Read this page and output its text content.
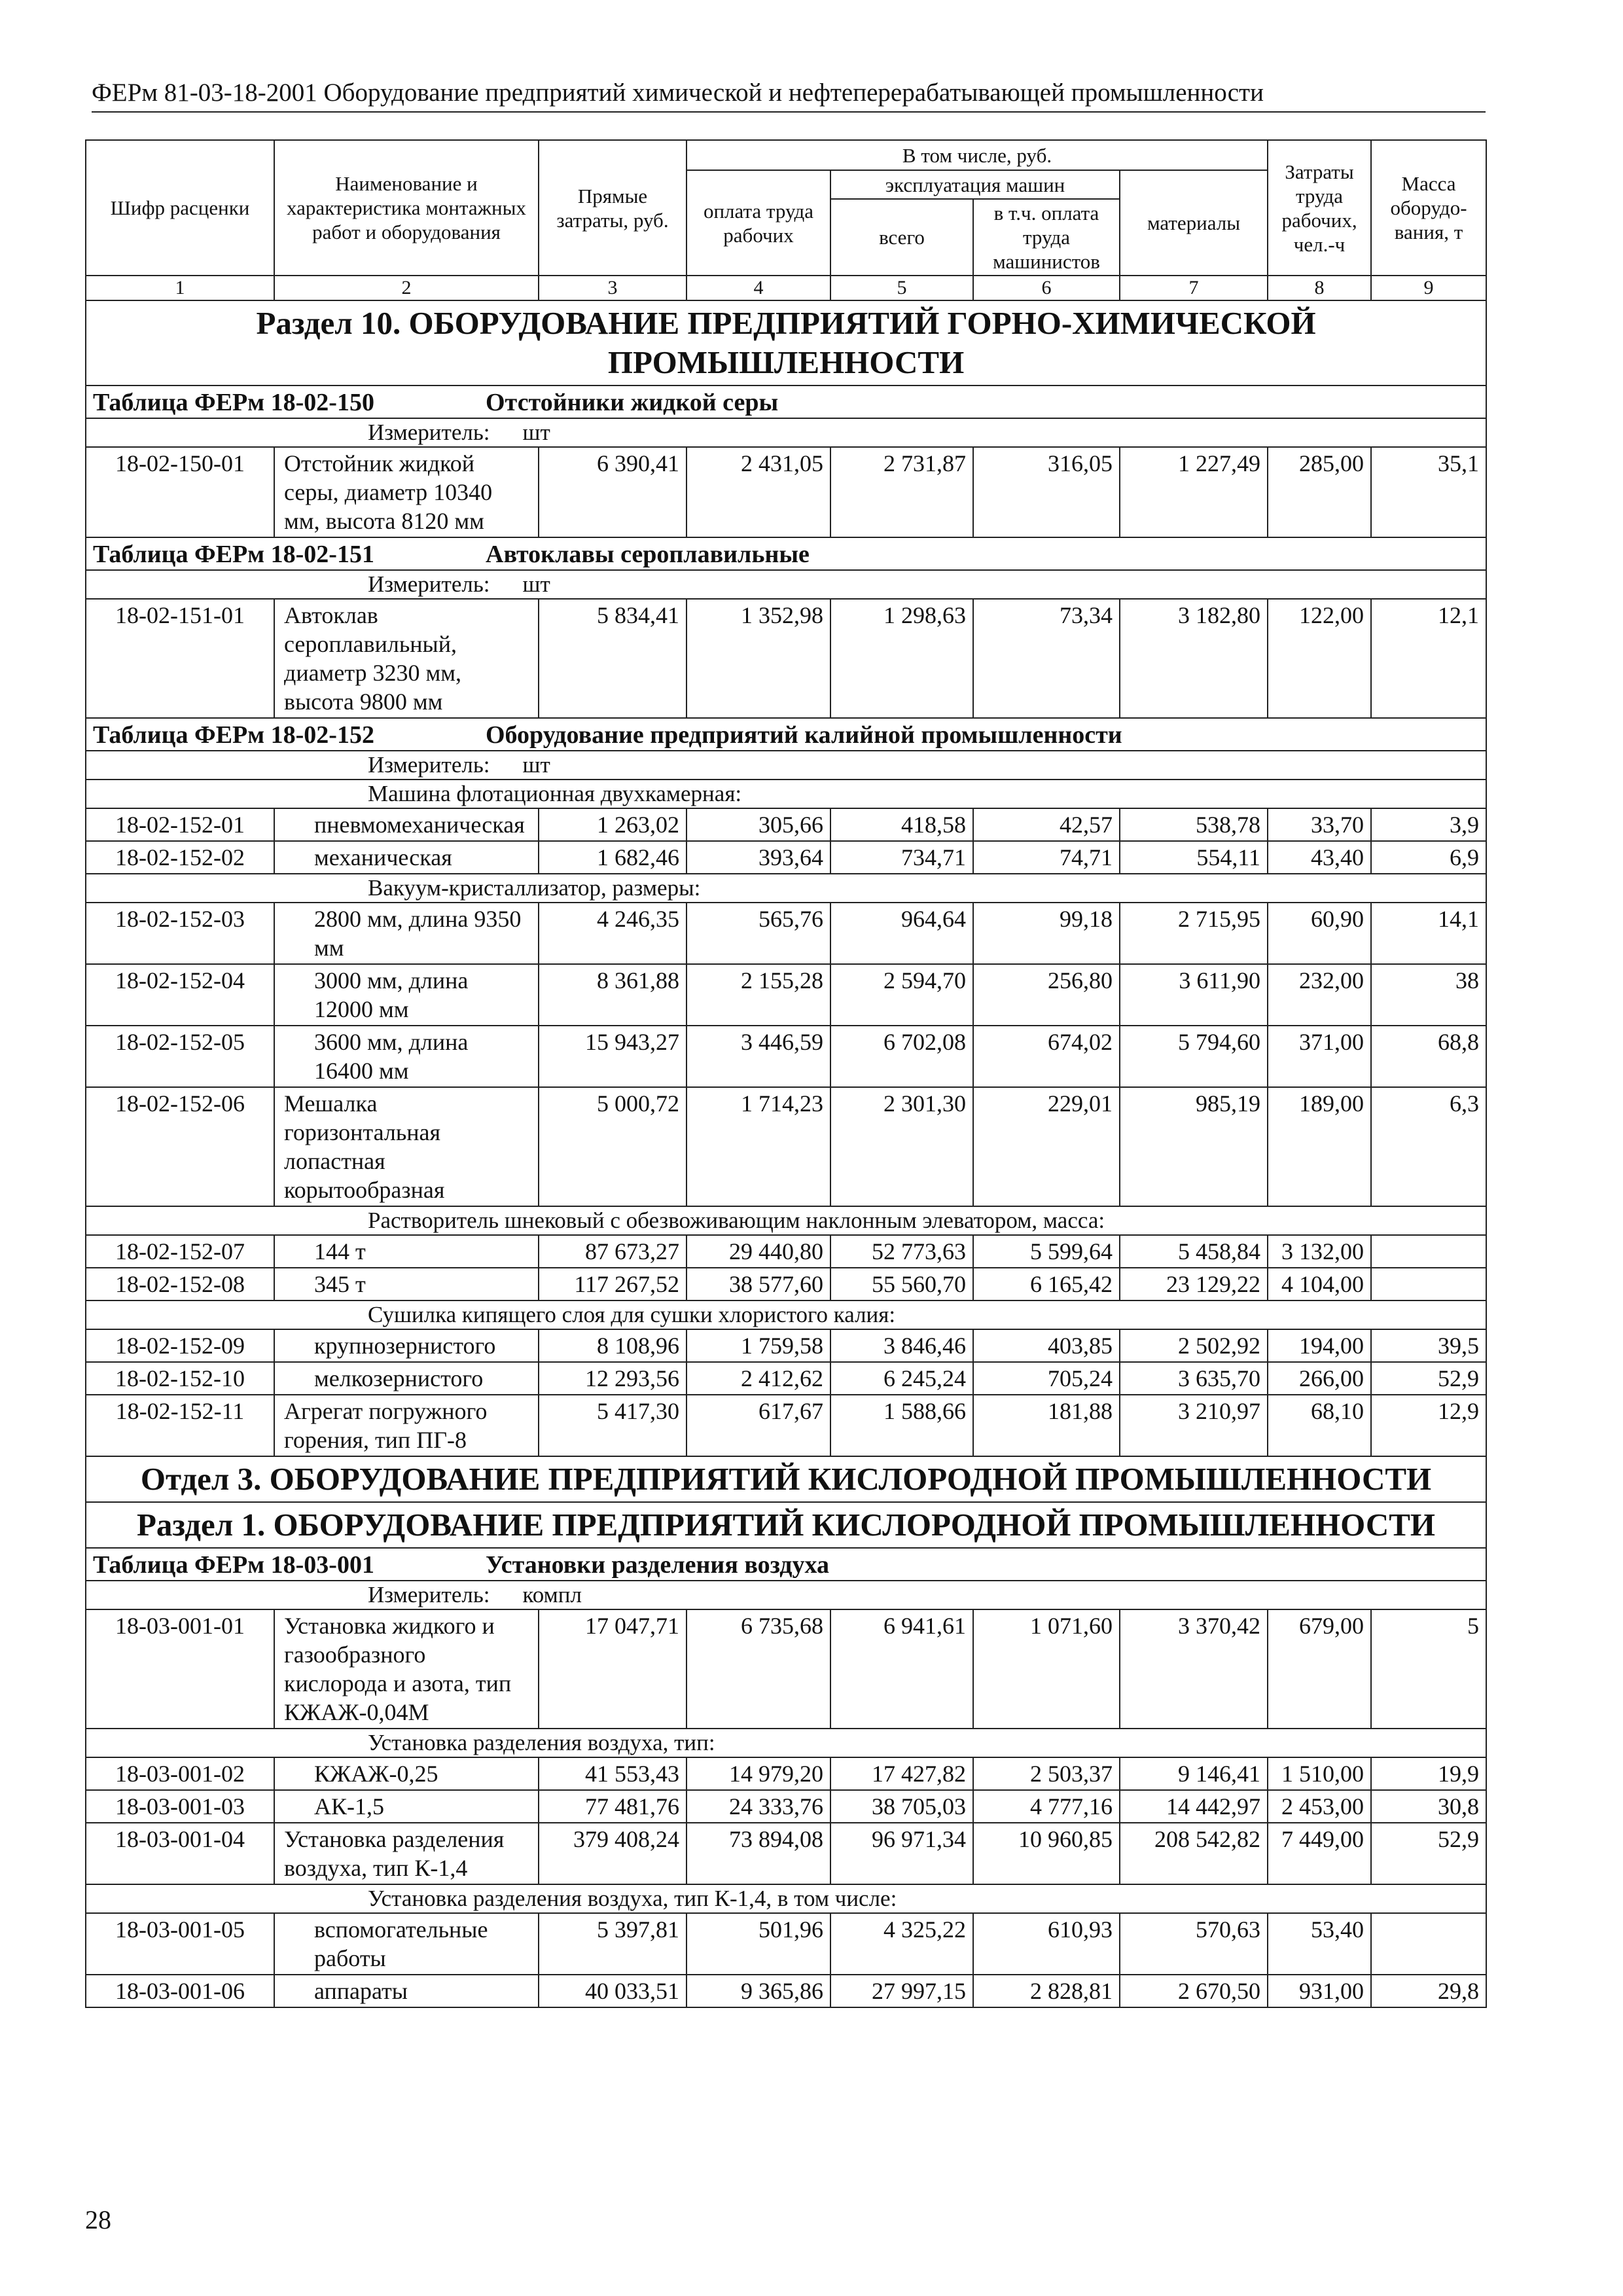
ФЕРм 81-03-18-2001 Оборудование предприятий химической и нефтеперерабатывающей промышленности
Шифр расценки	Наименование и характеристика монтажных работ и оборудования	Прямые затраты, руб.	В том числе, руб.				Затраты труда рабочих, чел.-ч	Масса оборудо-вания, т
			оплата труда рабочих	эксплуатация машин		материалы		
				всего	в т.ч. оплата труда машинистов			
1	2	3	4	5	6	7	8	9
Раздел 10. ОБОРУДОВАНИЕ ПРЕДПРИЯТИЙ ГОРНО-ХИМИЧЕСКОЙ ПРОМЫШЛЕННОСТИ								
Таблица ФЕРм 18-02-150 Отстойники жидкой серы								
Измеритель: шт								
18-02-150-01	Отстойник жидкой серы, диаметр 10340 мм, высота 8120 мм	6 390,41	2 431,05	2 731,87	316,05	1 227,49	285,00	35,1
Таблица ФЕРм 18-02-151 Автоклавы сероплавильные								
Измеритель: шт								
18-02-151-01	Автоклав сероплавильный, диаметр 3230 мм, высота 9800 мм	5 834,41	1 352,98	1 298,63	73,34	3 182,80	122,00	12,1
Таблица ФЕРм 18-02-152 Оборудование предприятий калийной промышленности								
Измеритель: шт								
Машина флотационная двухкамерная:								
18-02-152-01	пневмомеханическая	1 263,02	305,66	418,58	42,57	538,78	33,70	3,9
18-02-152-02	механическая	1 682,46	393,64	734,71	74,71	554,11	43,40	6,9
Вакуум-кристаллизатор, размеры:								
18-02-152-03	2800 мм, длина 9350 мм	4 246,35	565,76	964,64	99,18	2 715,95	60,90	14,1
18-02-152-04	3000 мм, длина 12000 мм	8 361,88	2 155,28	2 594,70	256,80	3 611,90	232,00	38
18-02-152-05	3600 мм, длина 16400 мм	15 943,27	3 446,59	6 702,08	674,02	5 794,60	371,00	68,8
18-02-152-06	Мешалка горизонтальная лопастная корытообразная	5 000,72	1 714,23	2 301,30	229,01	985,19	189,00	6,3
Растворитель шнековый с обезвоживающим наклонным элеватором, масса:								
18-02-152-07	144 т	87 673,27	29 440,80	52 773,63	5 599,64	5 458,84	3 132,00	
18-02-152-08	345 т	117 267,52	38 577,60	55 560,70	6 165,42	23 129,22	4 104,00	
Сушилка кипящего слоя для сушки хлористого калия:								
18-02-152-09	крупнозернистого	8 108,96	1 759,58	3 846,46	403,85	2 502,92	194,00	39,5
18-02-152-10	мелкозернистого	12 293,56	2 412,62	6 245,24	705,24	3 635,70	266,00	52,9
18-02-152-11	Агрегат погружного горения, тип ПГ-8	5 417,30	617,67	1 588,66	181,88	3 210,97	68,10	12,9
Отдел 3. ОБОРУДОВАНИЕ ПРЕДПРИЯТИЙ КИСЛОРОДНОЙ ПРОМЫШЛЕННОСТИ								
Раздел 1. ОБОРУДОВАНИЕ ПРЕДПРИЯТИЙ КИСЛОРОДНОЙ ПРОМЫШЛЕННОСТИ								
Таблица ФЕРм 18-03-001 Установки разделения воздуха								
Измеритель: компл								
18-03-001-01	Установка жидкого и газообразного кислорода и азота, тип КЖАЖ-0,04М	17 047,71	6 735,68	6 941,61	1 071,60	3 370,42	679,00	5
Установка разделения воздуха, тип:								
18-03-001-02	КЖАЖ-0,25	41 553,43	14 979,20	17 427,82	2 503,37	9 146,41	1 510,00	19,9
18-03-001-03	АК-1,5	77 481,76	24 333,76	38 705,03	4 777,16	14 442,97	2 453,00	30,8
18-03-001-04	Установка разделения воздуха, тип К-1,4	379 408,24	73 894,08	96 971,34	10 960,85	208 542,82	7 449,00	52,9
Установка разделения воздуха, тип К-1,4, в том числе:								
18-03-001-05	вспомогательные работы	5 397,81	501,96	4 325,22	610,93	570,63	53,40	
18-03-001-06	аппараты	40 033,51	9 365,86	27 997,15	2 828,81	2 670,50	931,00	29,8
28
